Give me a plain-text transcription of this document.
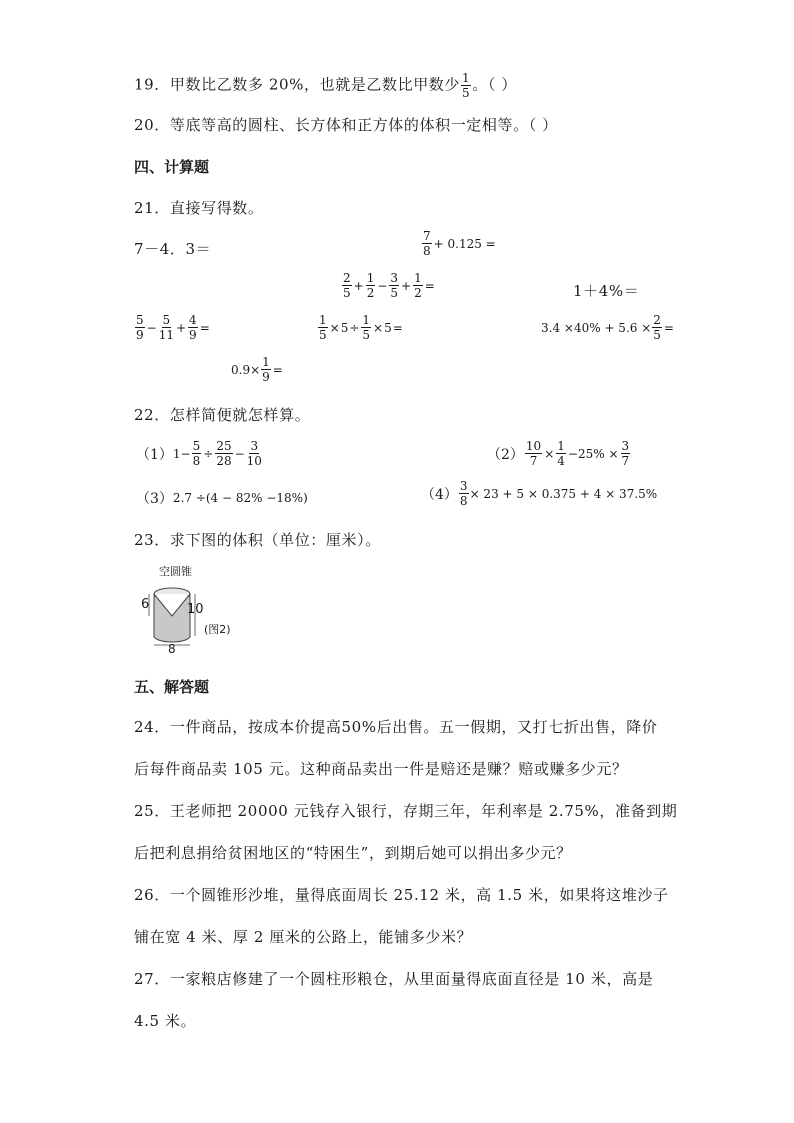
19．甲数比乙数多 20%，也就是乙数比甲数少 $\frac{1}{5}$ 。（ ）
20．等底等高的圆柱、长方体和正方体的体积一定相等。（ ）
四、计算题
21．直接写得数。
7－4．3＝	$\frac{7}{8} + 0.125$ =
$\frac{2}{5} + \frac{1}{2} - \frac{3}{5} + \frac{1}{2}$ =	1＋4%＝
$\frac{5}{9} - \frac{5}{11} + \frac{4}{9}$ =	$\frac{1}{5} \times 5 \div \frac{1}{5} \times 5$ =	$3.4 \times 40\% + 5.6 \times \frac{2}{5}$ =
$0.9\times \frac{1}{9}$ =
22．怎样简便就怎样算。
（1） $1- \frac{5}{8} \div \frac{25}{28} - \frac{3}{10}$	$(2) \frac{10}{7} \times \frac{1}{4} -25\% \times \frac{3}{7}$
（3） 2.7 ÷(4 − 82% −18%)	$(4) \frac{3}{8} \times 23 + 5 \times 0.375 + 4 \times 37.5\%$
23．求下图的体积（单位：厘米）。
空圆锥
6	10
8
(图2)
五、解答题
24．一件商品，按成本价提高50%后出售。五一假期，又打七折出售，降价
后每件商品卖 105 元。这种商品卖出一件是赔还是赚？赔或赚多少元？
25．王老师把 20000 元钱存入银行，存期三年，年利率是 2.75%，准备到期
后把利息捐给贫困地区的“特困生”，到期后她可以捐出多少元？
26．一个圆锥形沙堆，量得底面周长 25.12 米，高 1.5 米，如果将这堆沙子
铺在宽 4 米、厚 2 厘米的公路上，能铺多少米？
27．一家粮店修建了一个圆柱形粮仓，从里面量得底面直径是 10 米，高是
4.5 米。
